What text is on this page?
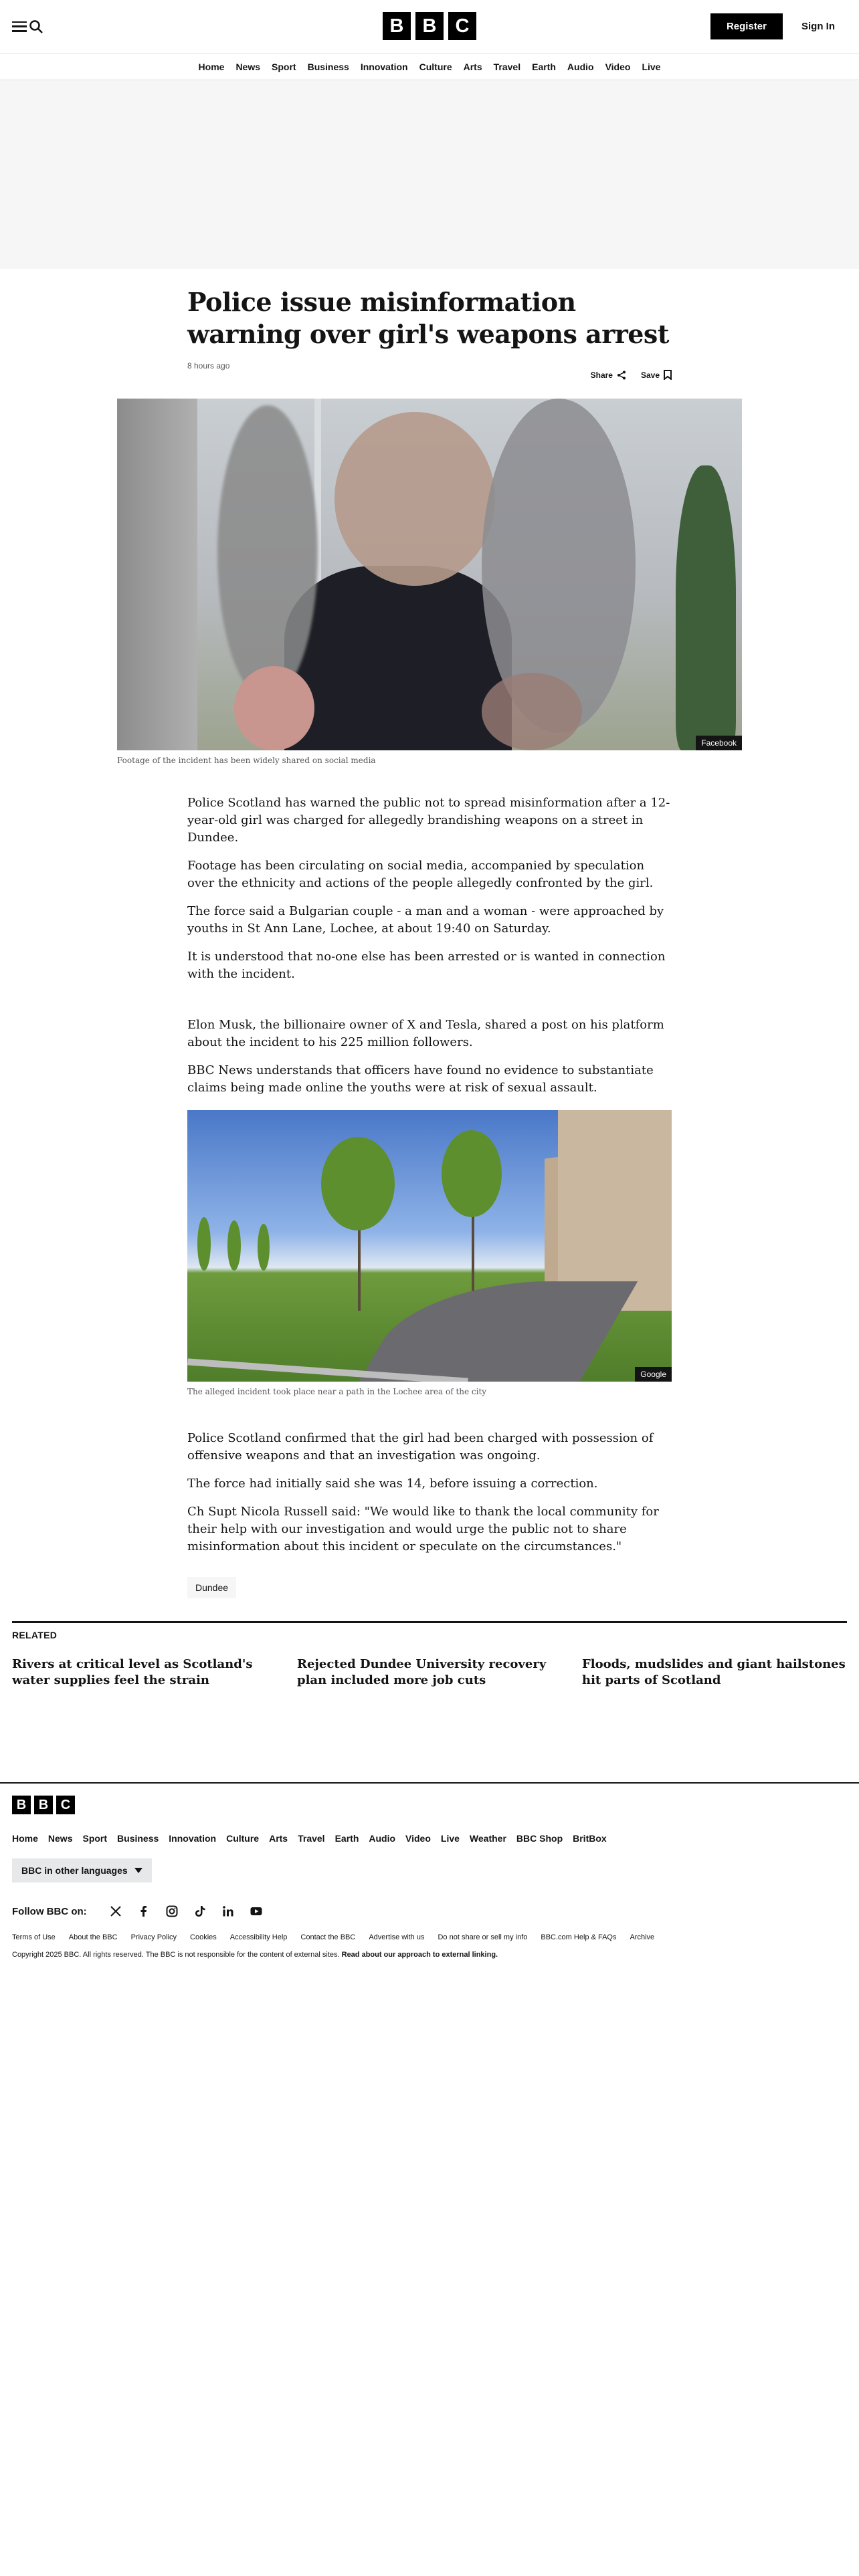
B B C	Register	Sign In
Home News Sport Business Innovation Culture Arts Travel Earth Audio Video Live
Police issue misinformation warning over girl's weapons arrest
8 hours ago
Share	Save
Facebook

Footage of the incident has been widely shared on social media

Police Scotland has warned the public not to spread misinformation after a 12-year-old girl was charged for allegedly brandishing weapons on a street in Dundee.

Footage has been circulating on social media, accompanied by speculation over the ethnicity and actions of the people allegedly confronted by the girl.

The force said a Bulgarian couple - a man and a woman - were approached by youths in St Ann Lane, Lochee, at about 19:40 on Saturday.

It is understood that no-one else has been arrested or is wanted in connection with the incident.

Elon Musk, the billionaire owner of X and Tesla, shared a post on his platform about the incident to his 225 million followers.

BBC News understands that officers have found no evidence to substantiate claims being made online the youths were at risk of sexual assault.

Google

The alleged incident took place near a path in the Lochee area of the city

Police Scotland confirmed that the girl had been charged with possession of offensive weapons and that an investigation was ongoing.

The force had initially said she was 14, before issuing a correction.

Ch Supt Nicola Russell said: "We would like to thank the local community for their help with our investigation and would urge the public not to share misinformation about this incident or speculate on the circumstances."

Dundee
RELATED
Rivers at critical level as Scotland's water supplies feel the strain
Rejected Dundee University recovery plan included more job cuts
Floods, mudslides and giant hailstones hit parts of Scotland
B B C
Home News Sport Business Innovation Culture Arts Travel Earth Audio Video Live Weather BBC Shop BritBox
BBC in other languages
Follow BBC on:
Terms of Use About the BBC Privacy Policy Cookies Accessibility Help Contact the BBC Advertise with us Do not share or sell my info BBC.com Help & FAQs Archive

Copyright 2025 BBC. All rights reserved. The BBC is not responsible for the content of external sites. Read about our approach to external linking.
